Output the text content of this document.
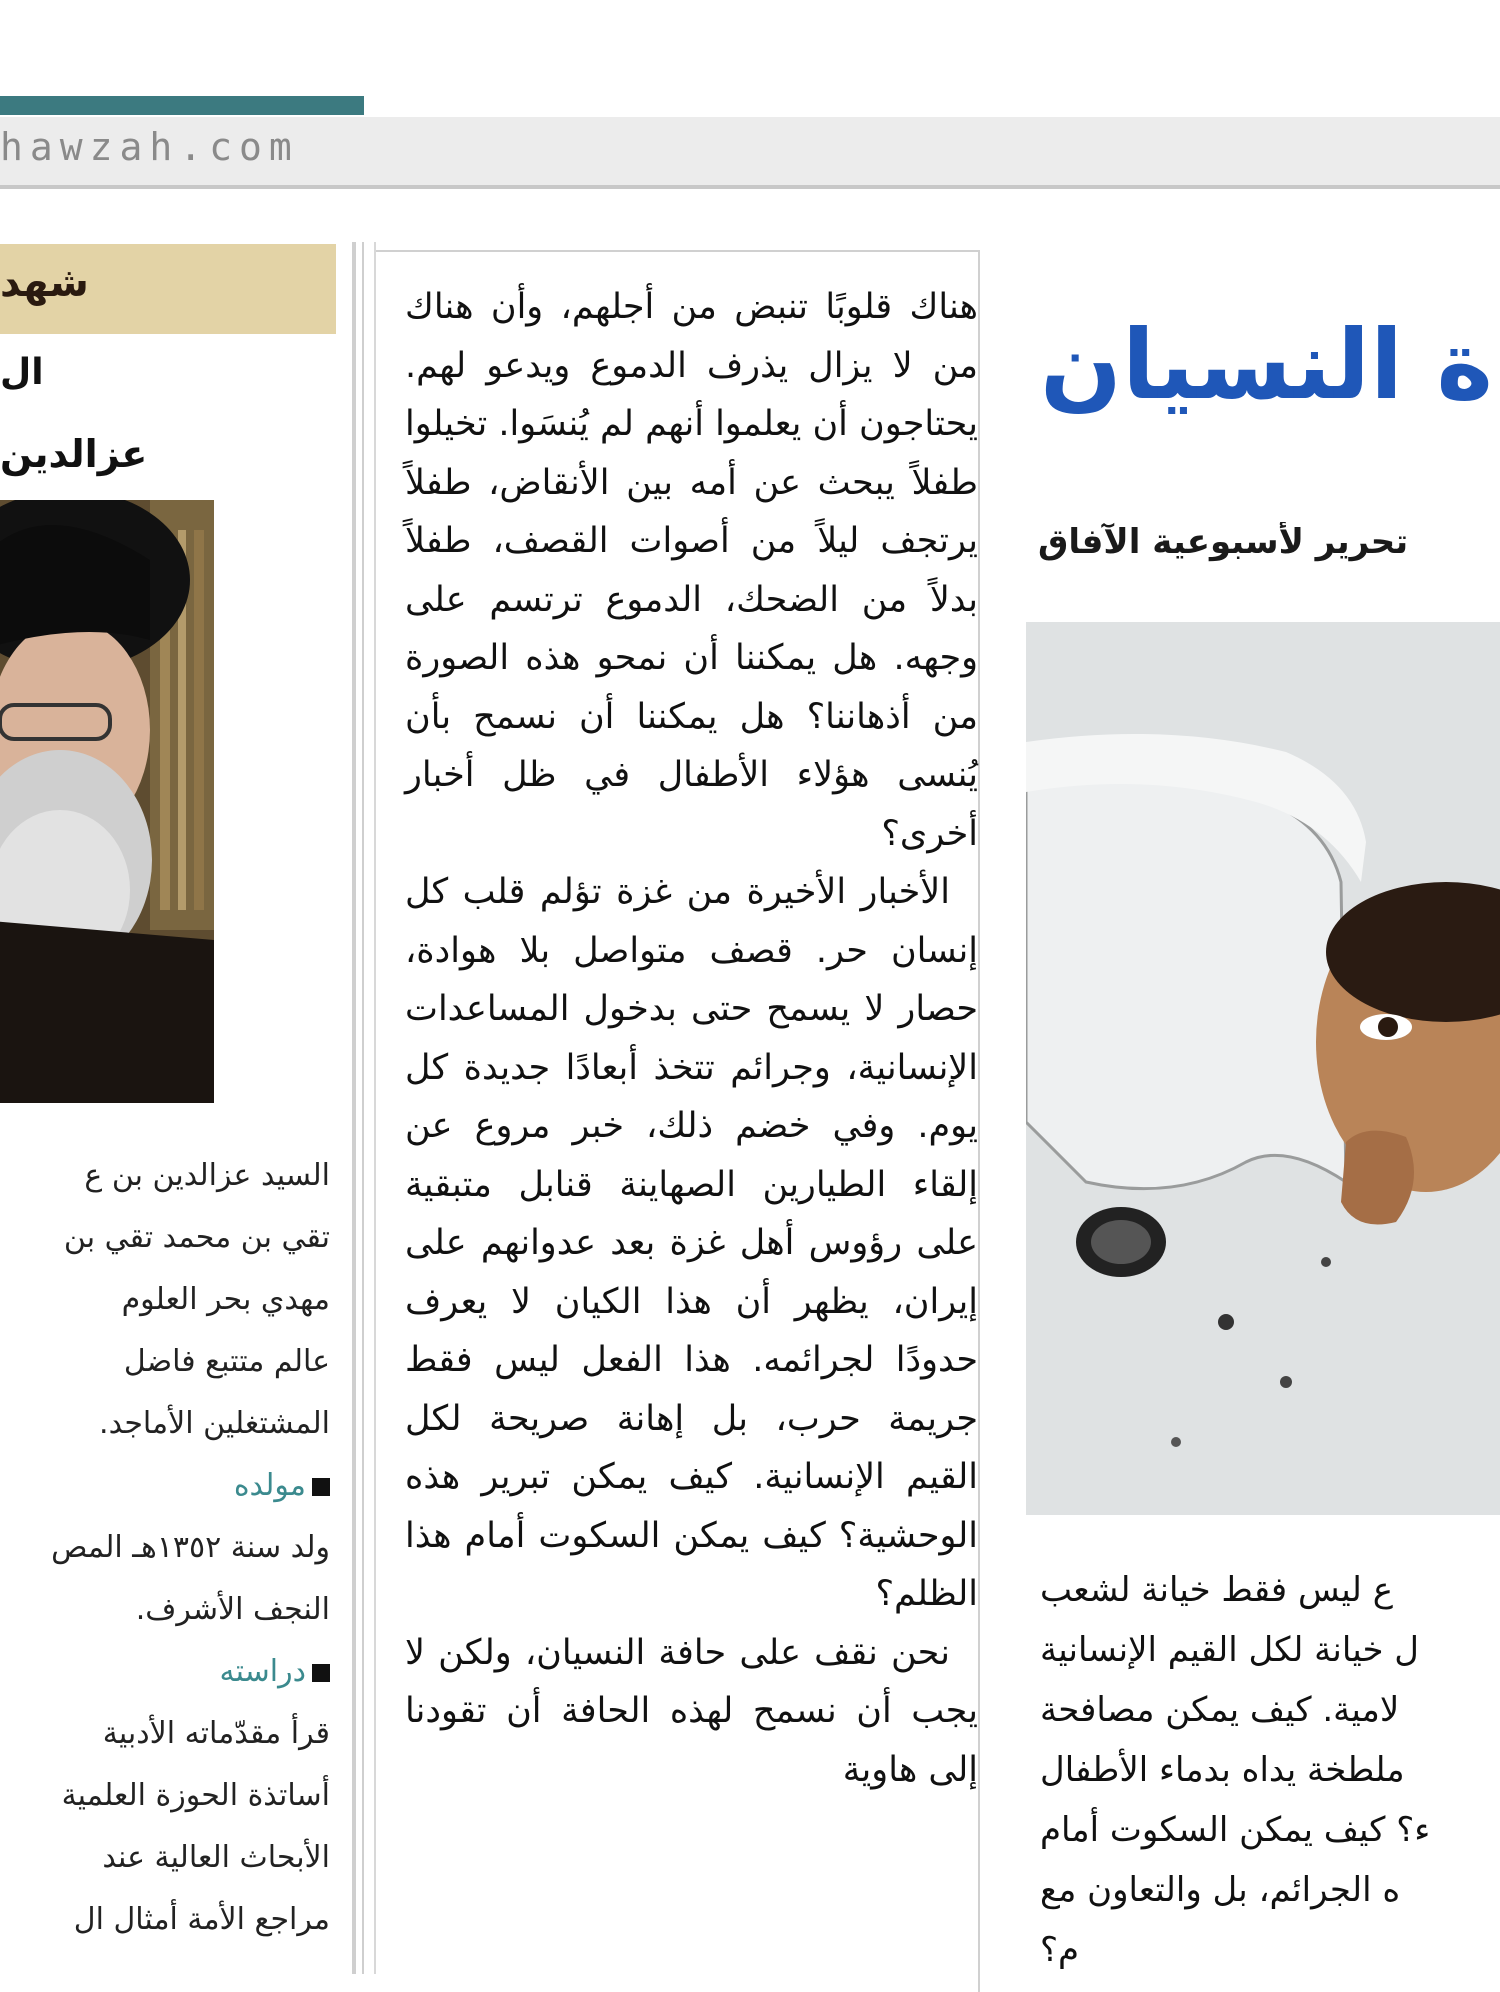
hawzah.com
شهد
ال
عزالدين

السيد عزالدين بن ع

تقي بن محمد تقي بن

مهدي بحر العلوم

عالم متتبع فاضل

المشتغلين الأماجد.

مولده

ولد سنة ١٣٥٢هـ المص

النجف الأشرف.

دراسته

قرأ مقدّماته الأدبية

أساتذة الحوزة العلمية

الأبحاث العالية عند

مراجع الأمة أمثال ال

هناك قلوبًا تنبض من أجلهم، وأن هناك من لا يزال يذرف الدموع ويدعو لهم. يحتاجون أن يعلموا أنهم لم يُنسَوا. تخيلوا طفلاً يبحث عن أمه بين الأنقاض، طفلاً يرتجف ليلاً من أصوات القصف، طفلاً بدلاً من الضحك، الدموع ترتسم على وجهه. هل يمكننا أن نمحو هذه الصورة من أذهاننا؟ هل يمكننا أن نسمح بأن يُنسى هؤلاء الأطفال في ظل أخبار أخرى؟

الأخبار الأخيرة من غزة تؤلم قلب كل إنسان حر. قصف متواصل بلا هوادة، حصار لا يسمح حتى بدخول المساعدات الإنسانية، وجرائم تتخذ أبعادًا جديدة كل يوم. وفي خضم ذلك، خبر مروع عن إلقاء الطيارين الصهاينة قنابل متبقية على رؤوس أهل غزة بعد عدوانهم على إيران، يظهر أن هذا الكيان لا يعرف حدودًا لجرائمه. هذا الفعل ليس فقط جريمة حرب، بل إهانة صريحة لكل القيم الإنسانية. كيف يمكن تبرير هذه الوحشية؟ كيف يمكن السكوت أمام هذا الظلم؟

نحن نقف على حافة النسيان، ولكن لا يجب أن نسمح لهذه الحافة أن تقودنا إلى هاوية

ة النسيان
تحرير لأسبوعية الآفاق

ع ليس فقط خيانة لشعب

ل خيانة لكل القيم الإنسانية

لامية. كيف يمكن مصافحة

ملطخة يداه بدماء الأطفال

ء؟ كيف يمكن السكوت أمام

ه الجرائم، بل والتعاون مع

م؟
